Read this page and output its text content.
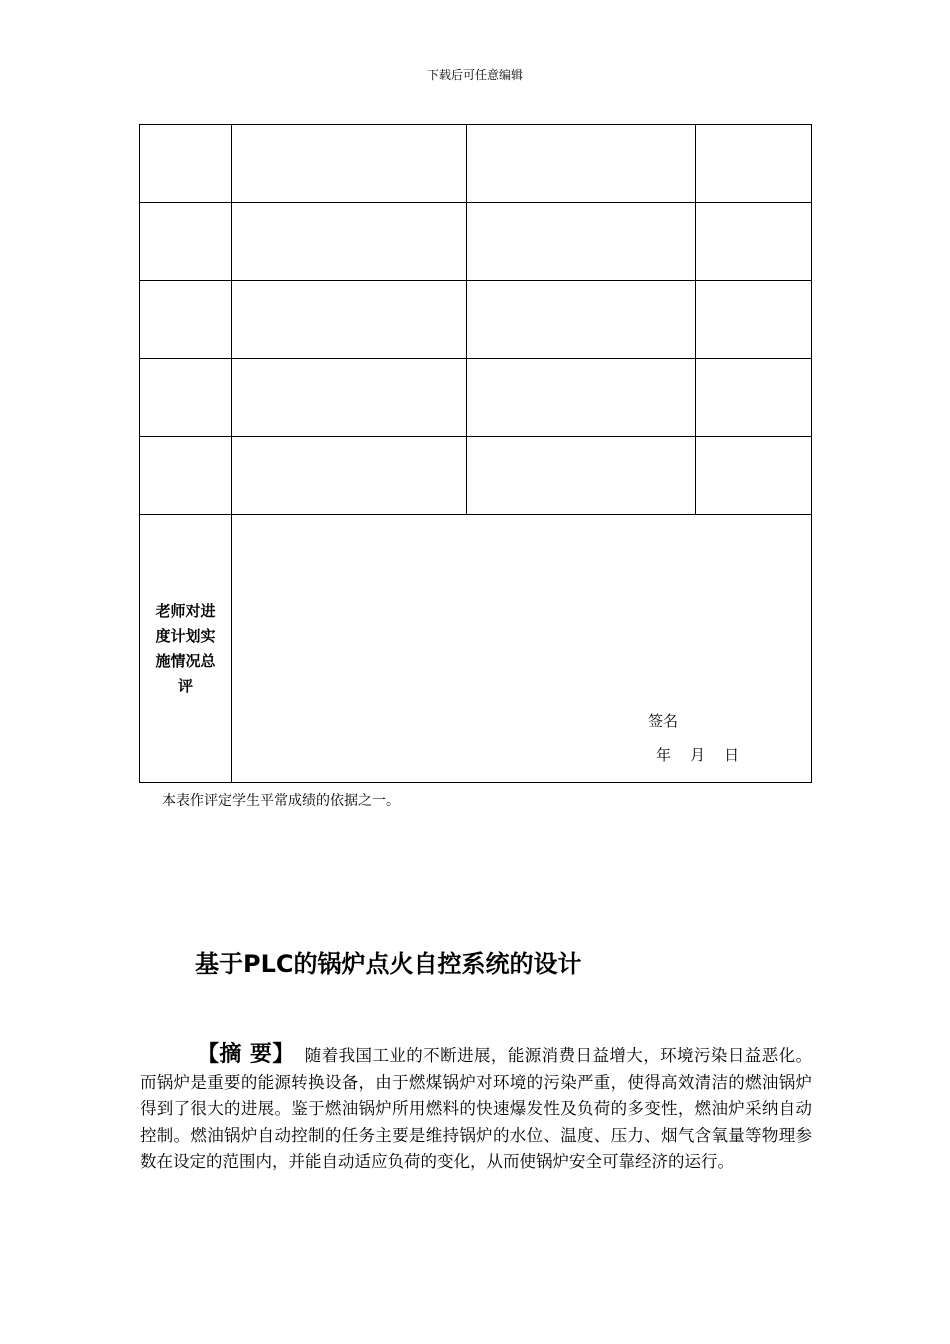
下载后可任意编辑

老师对进度计划实施情况总评	签名
年    月    日		
本表作评定学生平常成绩的依据之一。
基于PLC的锅炉点火自控系统的设计
【摘 要】 随着我国工业的不断进展，能源消费日益增大，环境污染日益恶化。而锅炉是重要的能源转换设备，由于燃煤锅炉对环境的污染严重，使得高效清洁的燃油锅炉得到了很大的进展。鉴于燃油锅炉所用燃料的快速爆发性及负荷的多变性，燃油炉采纳自动控制。燃油锅炉自动控制的任务主要是维持锅炉的水位、温度、压力、烟气含氧量等物理参数在设定的范围内，并能自动适应负荷的变化，从而使锅炉安全可靠经济的运行。
